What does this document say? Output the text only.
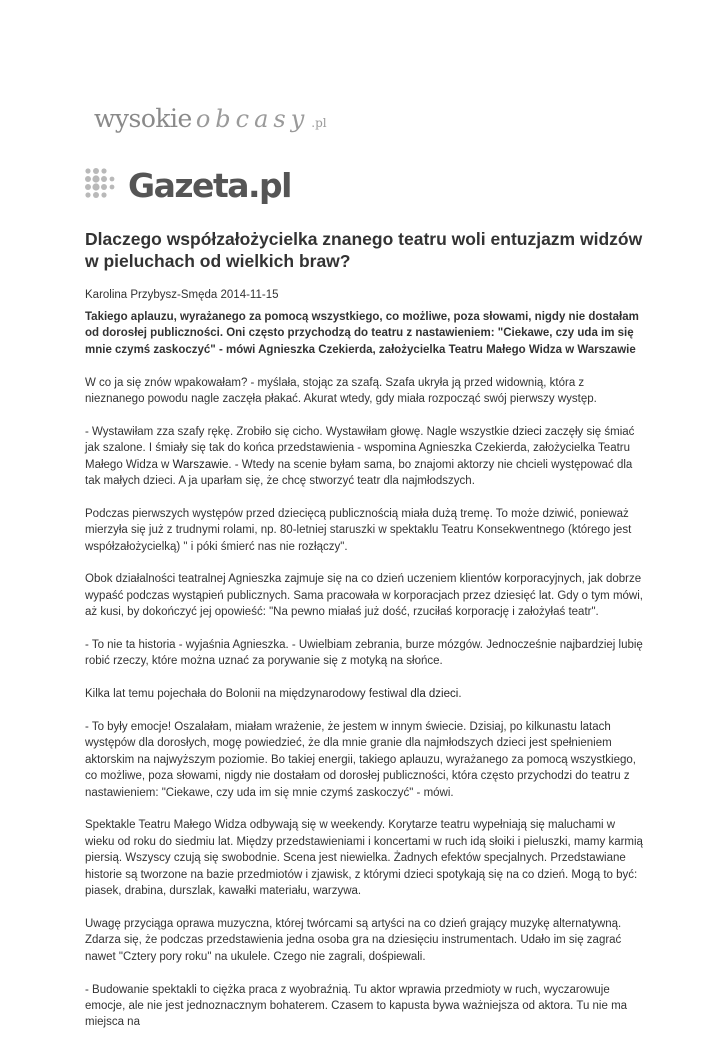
wysokie obcasy .pl
Gazeta.pl
Dlaczego współzałożycielka znanego teatru woli entuzjazm widzów w pieluchach od wielkich braw?
Karolina Przybysz-Smęda 2014-11-15

Takiego aplauzu, wyrażanego za pomocą wszystkiego, co możliwe, poza słowami, nigdy nie dostałam od dorosłej publiczności. Oni często przychodzą do teatru z nastawieniem: "Ciekawe, czy uda im się mnie czymś zaskoczyć" - mówi Agnieszka Czekierda, założycielka Teatru Małego Widza w Warszawie

W co ja się znów wpakowałam? - myślała, stojąc za szafą. Szafa ukryła ją przed widownią, która z nieznanego powodu nagle zaczęła płakać. Akurat wtedy, gdy miała rozpocząć swój pierwszy występ.

- Wystawiłam zza szafy rękę. Zrobiło się cicho. Wystawiłam głowę. Nagle wszystkie dzieci zaczęły się śmiać jak szalone. I śmiały się tak do końca przedstawienia - wspomina Agnieszka Czekierda, założycielka Teatru Małego Widza w Warszawie. - Wtedy na scenie byłam sama, bo znajomi aktorzy nie chcieli występować dla tak małych dzieci. A ja uparłam się, że chcę stworzyć teatr dla najmłodszych.

Podczas pierwszych występów przed dziecięcą publicznością miała dużą tremę. To może dziwić, ponieważ mierzyła się już z trudnymi rolami, np. 80-letniej staruszki w spektaklu Teatru Konsekwentnego (którego jest współzałożycielką) " i póki śmierć nas nie rozłączy".

Obok działalności teatralnej Agnieszka zajmuje się na co dzień uczeniem klientów korporacyjnych, jak dobrze wypaść podczas wystąpień publicznych. Sama pracowała w korporacjach przez dziesięć lat. Gdy o tym mówi, aż kusi, by dokończyć jej opowieść: "Na pewno miałaś już dość, rzuciłaś korporację i założyłaś teatr".

- To nie ta historia - wyjaśnia Agnieszka. - Uwielbiam zebrania, burze mózgów. Jednocześnie najbardziej lubię robić rzeczy, które można uznać za porywanie się z motyką na słońce.

Kilka lat temu pojechała do Bolonii na międzynarodowy festiwal dla dzieci.

- To były emocje! Oszalałam, miałam wrażenie, że jestem w innym świecie. Dzisiaj, po kilkunastu latach występów dla dorosłych, mogę powiedzieć, że dla mnie granie dla najmłodszych dzieci jest spełnieniem aktorskim na najwyższym poziomie. Bo takiej energii, takiego aplauzu, wyrażanego za pomocą wszystkiego, co możliwe, poza słowami, nigdy nie dostałam od dorosłej publiczności, która często przychodzi do teatru z nastawieniem: "Ciekawe, czy uda im się mnie czymś zaskoczyć" - mówi.

Spektakle Teatru Małego Widza odbywają się w weekendy. Korytarze teatru wypełniają się maluchami w wieku od roku do siedmiu lat. Między przedstawieniami i koncertami w ruch idą słoiki i pieluszki, mamy karmią piersią. Wszyscy czują się swobodnie. Scena jest niewielka. Żadnych efektów specjalnych. Przedstawiane historie są tworzone na bazie przedmiotów i zjawisk, z którymi dzieci spotykają się na co dzień. Mogą to być: piasek, drabina, durszlak, kawałki materiału, warzywa.

Uwagę przyciąga oprawa muzyczna, której twórcami są artyści na co dzień grający muzykę alternatywną. Zdarza się, że podczas przedstawienia jedna osoba gra na dziesięciu instrumentach. Udało im się zagrać nawet "Cztery pory roku" na ukulele. Czego nie zagrali, dośpiewali.

- Budowanie spektakli to ciężka praca z wyobraźnią. Tu aktor wprawia przedmioty w ruch, wyczarowuje emocje, ale nie jest jednoznacznym bohaterem. Czasem to kapusta bywa ważniejsza od aktora. Tu nie ma miejsca na
